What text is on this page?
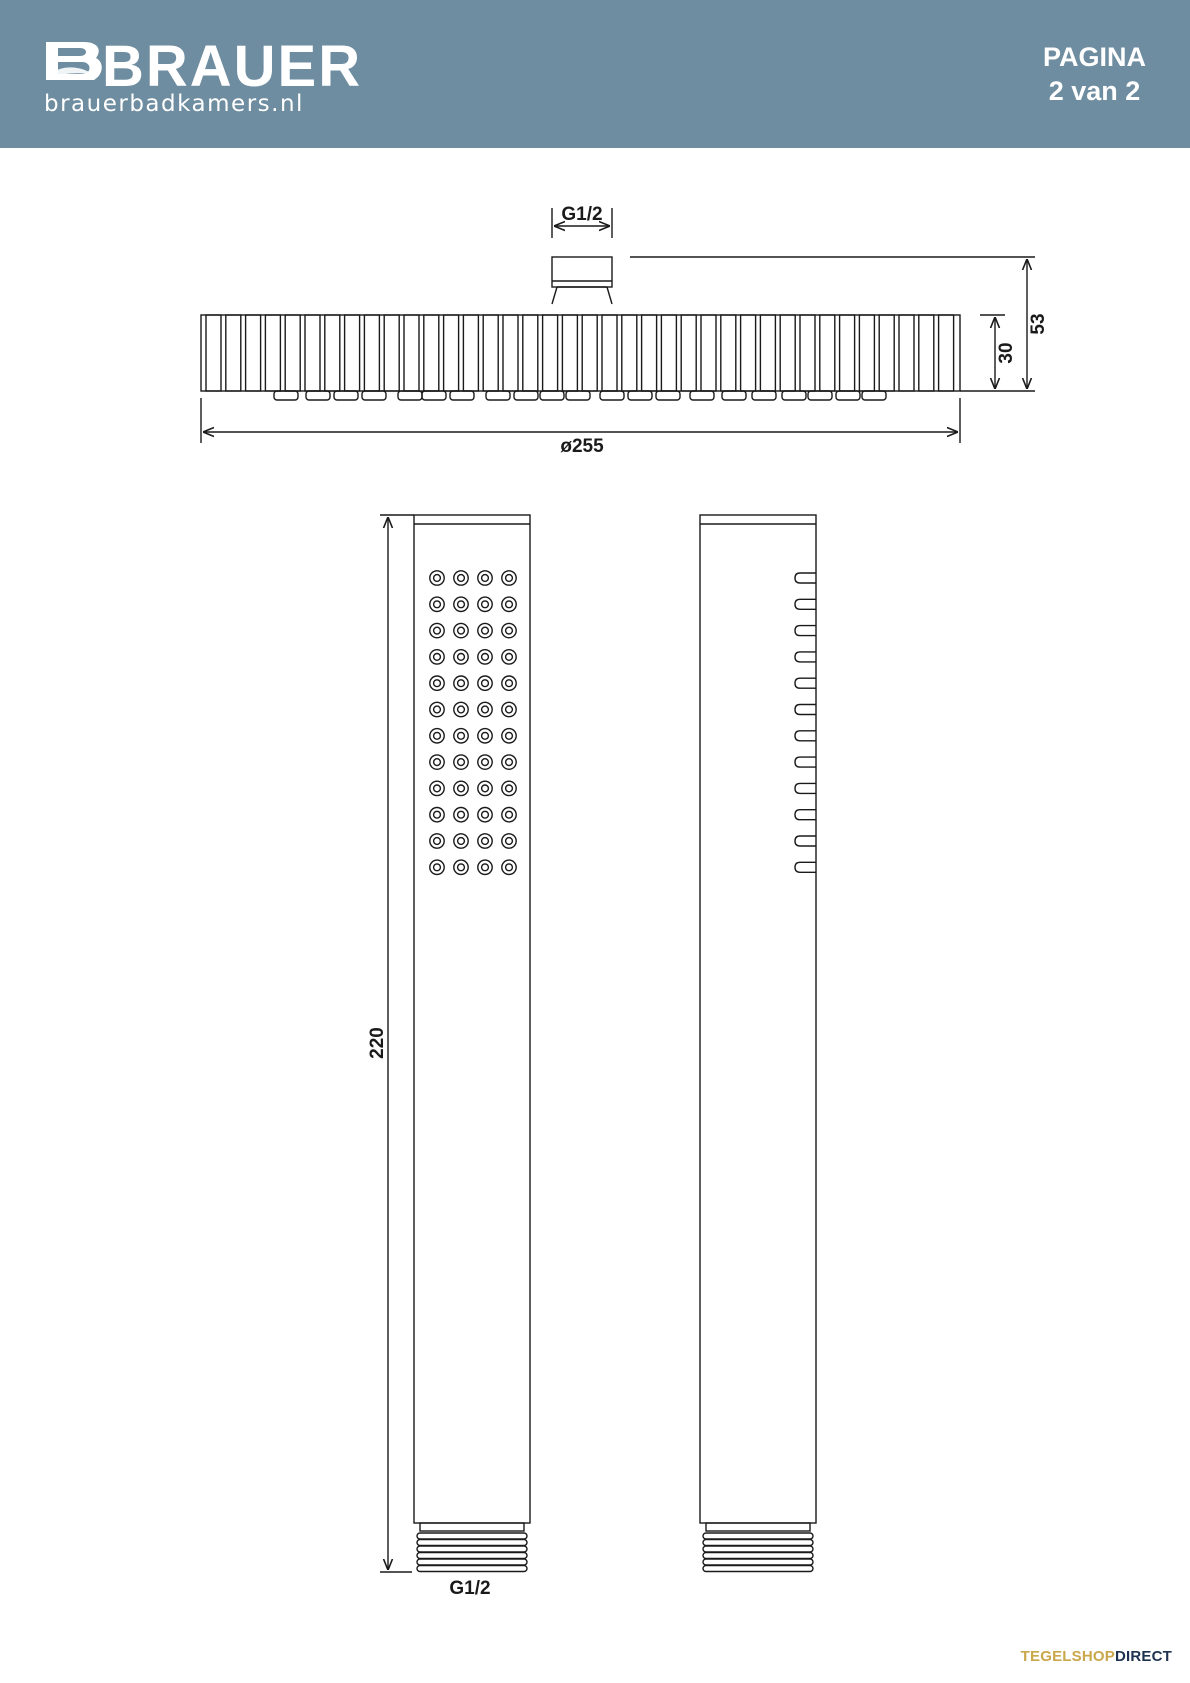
BRAUER
brauerbadkamers.nl
PAGINA
2 van 2
G1/2
ø255
53
30
220
G1/2
TEGELSHOPDIRECT
